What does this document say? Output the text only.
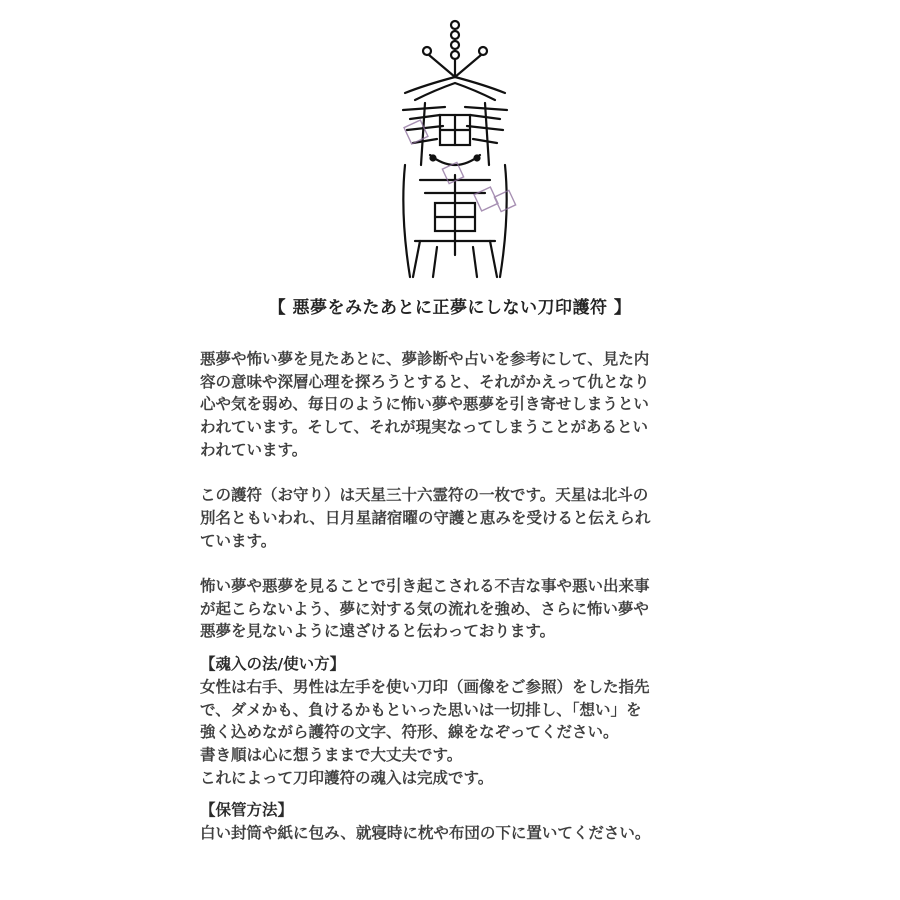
【 悪夢をみたあとに正夢にしない刀印護符 】

悪夢や怖い夢を見たあとに、夢診断や占いを参考にして、見た内
容の意味や深層心理を探ろうとすると、それがかえって仇となり
心や気を弱め、毎日のように怖い夢や悪夢を引き寄せしまうとい
われています。そして、それが現実なってしまうことがあるとい
われています。

この護符（お守り）は天星三十六霊符の一枚です。天星は北斗の
別名ともいわれ、日月星諸宿曜の守護と恵みを受けると伝えられ
ています。

怖い夢や悪夢を見ることで引き起こされる不吉な事や悪い出来事
が起こらないよう、夢に対する気の流れを強め、さらに怖い夢や
悪夢を見ないように遠ざけると伝わっております。

【魂入の法/使い方】

女性は右手、男性は左手を使い刀印（画像をご参照）をした指先
で、ダメかも、負けるかもといった思いは一切排し、「想い」を
強く込めながら護符の文字、符形、線をなぞってください。
書き順は心に想うままで大丈夫です。
これによって刀印護符の魂入は完成です。

【保管方法】

白い封筒や紙に包み、就寝時に枕や布団の下に置いてください。
